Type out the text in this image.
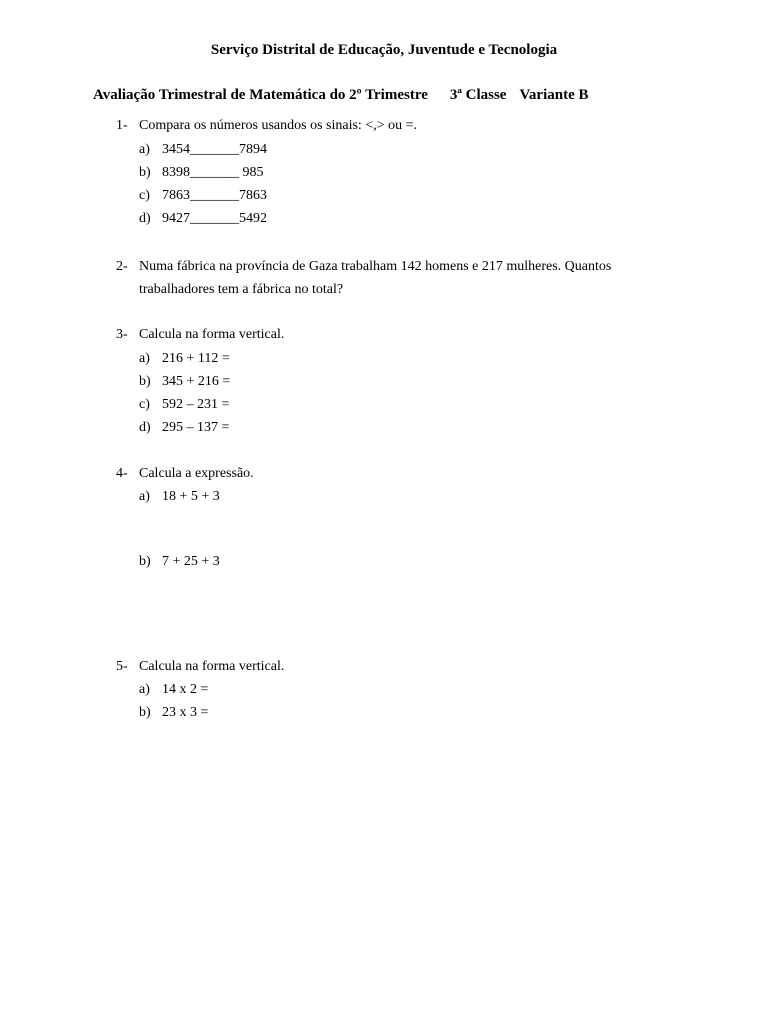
Serviço Distrital de Educação, Juventude e Tecnologia
Avaliação Trimestral de Matemática do 2º Trimestre 3ª Classe Variante B
1- Compara os números usandos os sinais: <,> ou =.
a) 3454_______7894
b) 8398_______ 985
c) 7863_______7863
d) 9427_______5492
2- Numa fábrica na província de Gaza trabalham 142 homens e 217 mulheres. Quantos
trabalhadores tem a fábrica no total?
3- Calcula na forma vertical.
a) 216 + 112 =
b) 345 + 216 =
c) 592 – 231 =
d) 295 – 137 =
4- Calcula a expressão.
a) 18 + 5 + 3
b) 7 + 25 + 3
5- Calcula na forma vertical.
a) 14 x 2 =
b) 23 x 3 =
